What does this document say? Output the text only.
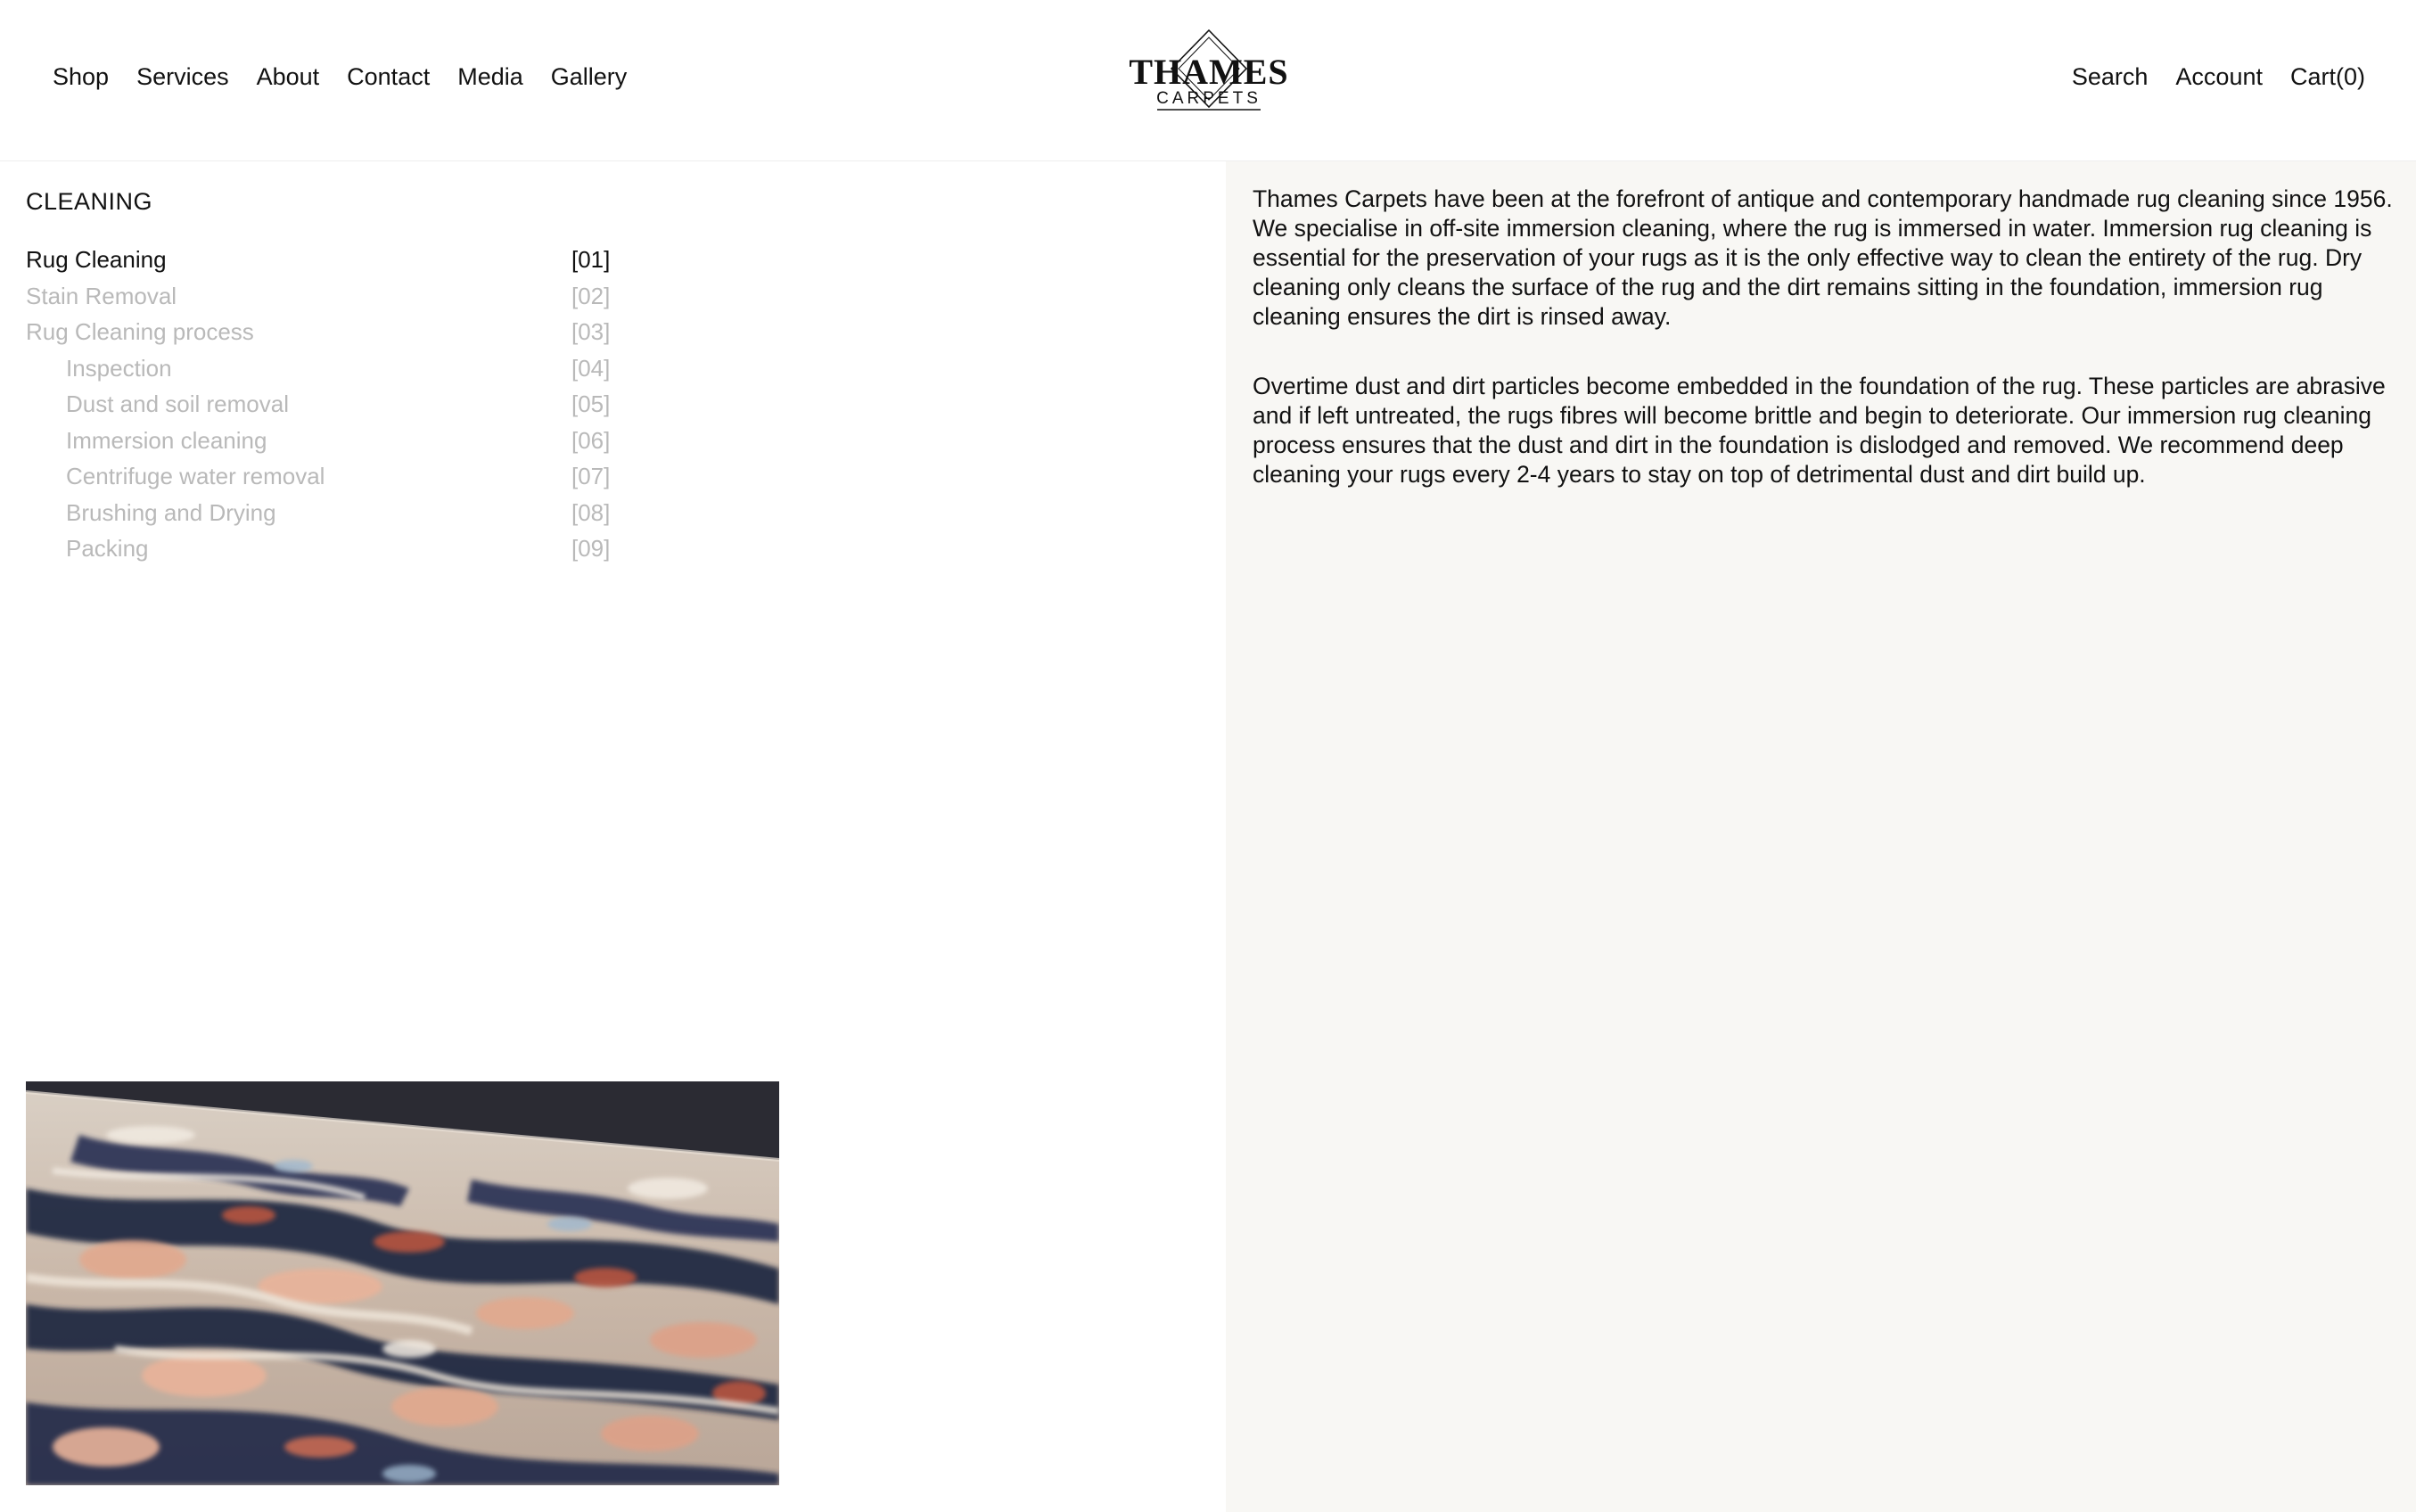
Shop Services About Contact Media Gallery	THAMES
CARPETS
Search Account Cart(0)
CLEANING
Rug Cleaning	[01]
Stain Removal	[02]
Rug Cleaning process	[03]
Inspection	[04]
Dust and soil removal	[05]
Immersion cleaning	[06]
Centrifuge water removal	[07]
Brushing and Drying	[08]
Packing	[09]

Thames Carpets have been at the forefront of antique and contemporary handmade rug cleaning since 1956. We specialise in off-site immersion cleaning, where the rug is immersed in water. Immersion rug cleaning is essential for the preservation of your rugs as it is the only effective way to clean the entirety of the rug. Dry cleaning only cleans the surface of the rug and the dirt remains sitting in the foundation, immersion rug cleaning ensures the dirt is rinsed away.

Overtime dust and dirt particles become embedded in the foundation of the rug. These particles are abrasive and if left untreated, the rugs fibres will become brittle and begin to deteriorate. Our immersion rug cleaning process ensures that the dust and dirt in the foundation is dislodged and removed. We recommend deep cleaning your rugs every 2-4 years to stay on top of detrimental dust and dirt build up.
